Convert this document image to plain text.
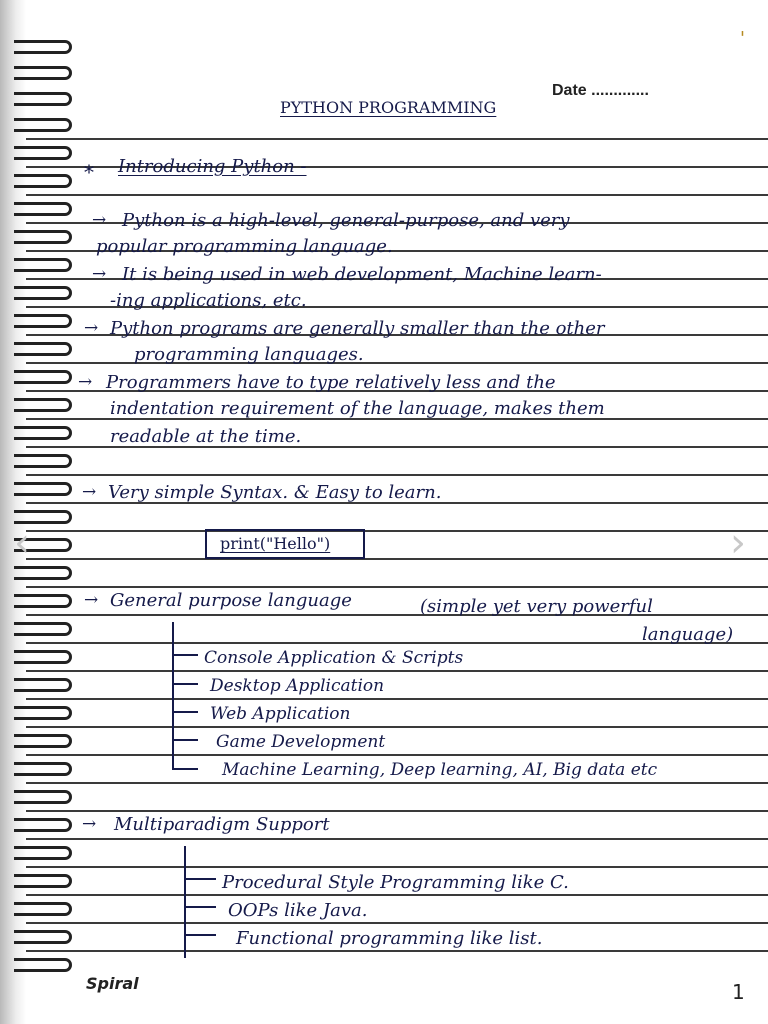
'
Date .............
PYTHON PROGRAMMING
* Introducing Python -
→ Python is a high-level, general-purpose, and very
popular programming language.
→ It is being used in web development, Machine learn-
-ing applications, etc.
→ Python programs are generally smaller than the other
programming languages.
→ Programmers have to type relatively less and the
indentation requirement of the language, makes them
readable at the time.
→ Very simple Syntax. & Easy to learn.
print("Hello")
→ General purpose language	(simple yet very powerful
language)
Console Application & Scripts
Desktop Application
Web Application
Game Development
Machine Learning, Deep learning, AI, Big data etc
→ Multiparadigm Support
Procedural Style Programming like C.
OOPs like Java.
Functional programming like list.
Spiral	1
‹	›
